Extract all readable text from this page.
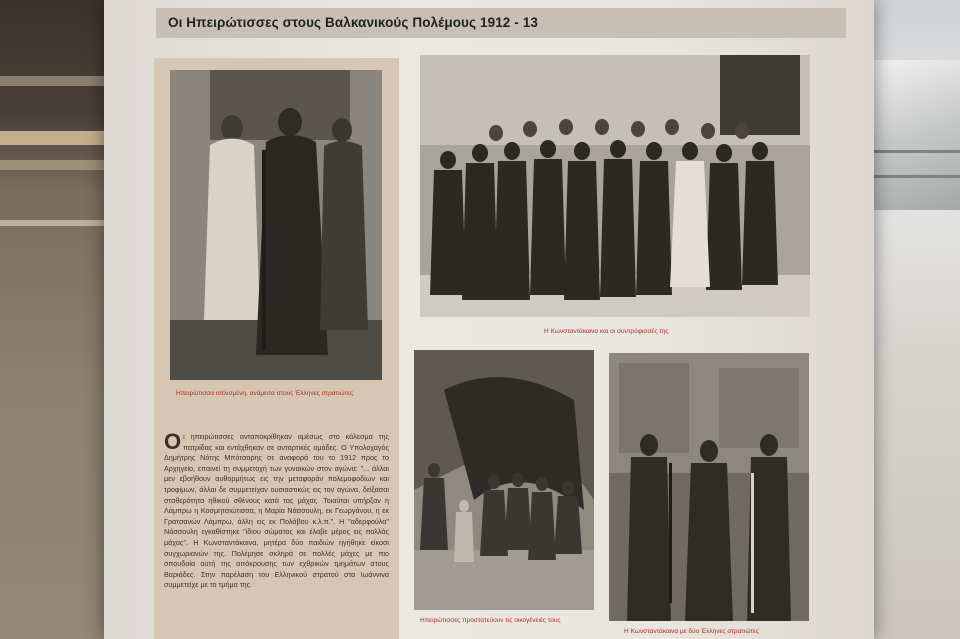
Οι Ηπειρώτισσες στους Βαλκανικούς Πολέμους 1912 - 13
Ηπειρώτισσα οπλισμένη, ανάμεσα στους Έλληνες στρατιώτες
Η Κωνσταντάκαινα και οι συντρόφισσές της
Ηπειρώτισσες προστατεύουν τις οικογένειές τους
Η Κωνσταντάκαινα με δύο Έλληνες στρατιώτες
Οι ηπειρώτισσες ανταποκρίθηκαν αμέσως στο κάλεσμα της πατρίδας και εντάχθηκαν σε ανταρτικές ομάδες. Ο Υπολοχαγός Δημήτρης Νότης Μπότσαρης σε αναφορά του το 1912 προς το Αρχηγείο, επαινεί τη συμμετοχή των γυναικών στον αγώνα: "... άλλαι μεν εβοήθουν αυθορμήτως εις την μεταφοράν πολεμοφοδίων και τροφίμων, άλλαι δε συμμετείχαν ουσιαστικώς εις τον αγώνα, δείξασαι σταθερότητα ηθικού σθένους κατά τας μάχας. Τοιαύται υπήρξαν η Λάμπρω η Κοσμητσιώτισσα, η Μαρία Νάσσουλη, εκ Γεωργάνου, η εκ Γρατσανών Λάμπρω, άλλη εις εκ Πολάβου κ.λ.π.". Η "αδερφούλα" Νάσσουλη εγκαθίστηκε "ίδιου σώματος και έλαβε μέρος εις πολλάς μάχας". Η Κωνσταντάκαινα, μητέρα δύο παιδιών ηγήθηκε είκοσι συγχωριανών της. Πολέμησε σκληρά σε πολλές μάχες με πιο σπουδαία αυτή της απόκρουσης των εχθρικών τμημάτων στους Βαριάδες. Στην παρέλαση του Ελληνικού στρατού στα Ιωάννινα συμμετείχε με το τμήμα της.
